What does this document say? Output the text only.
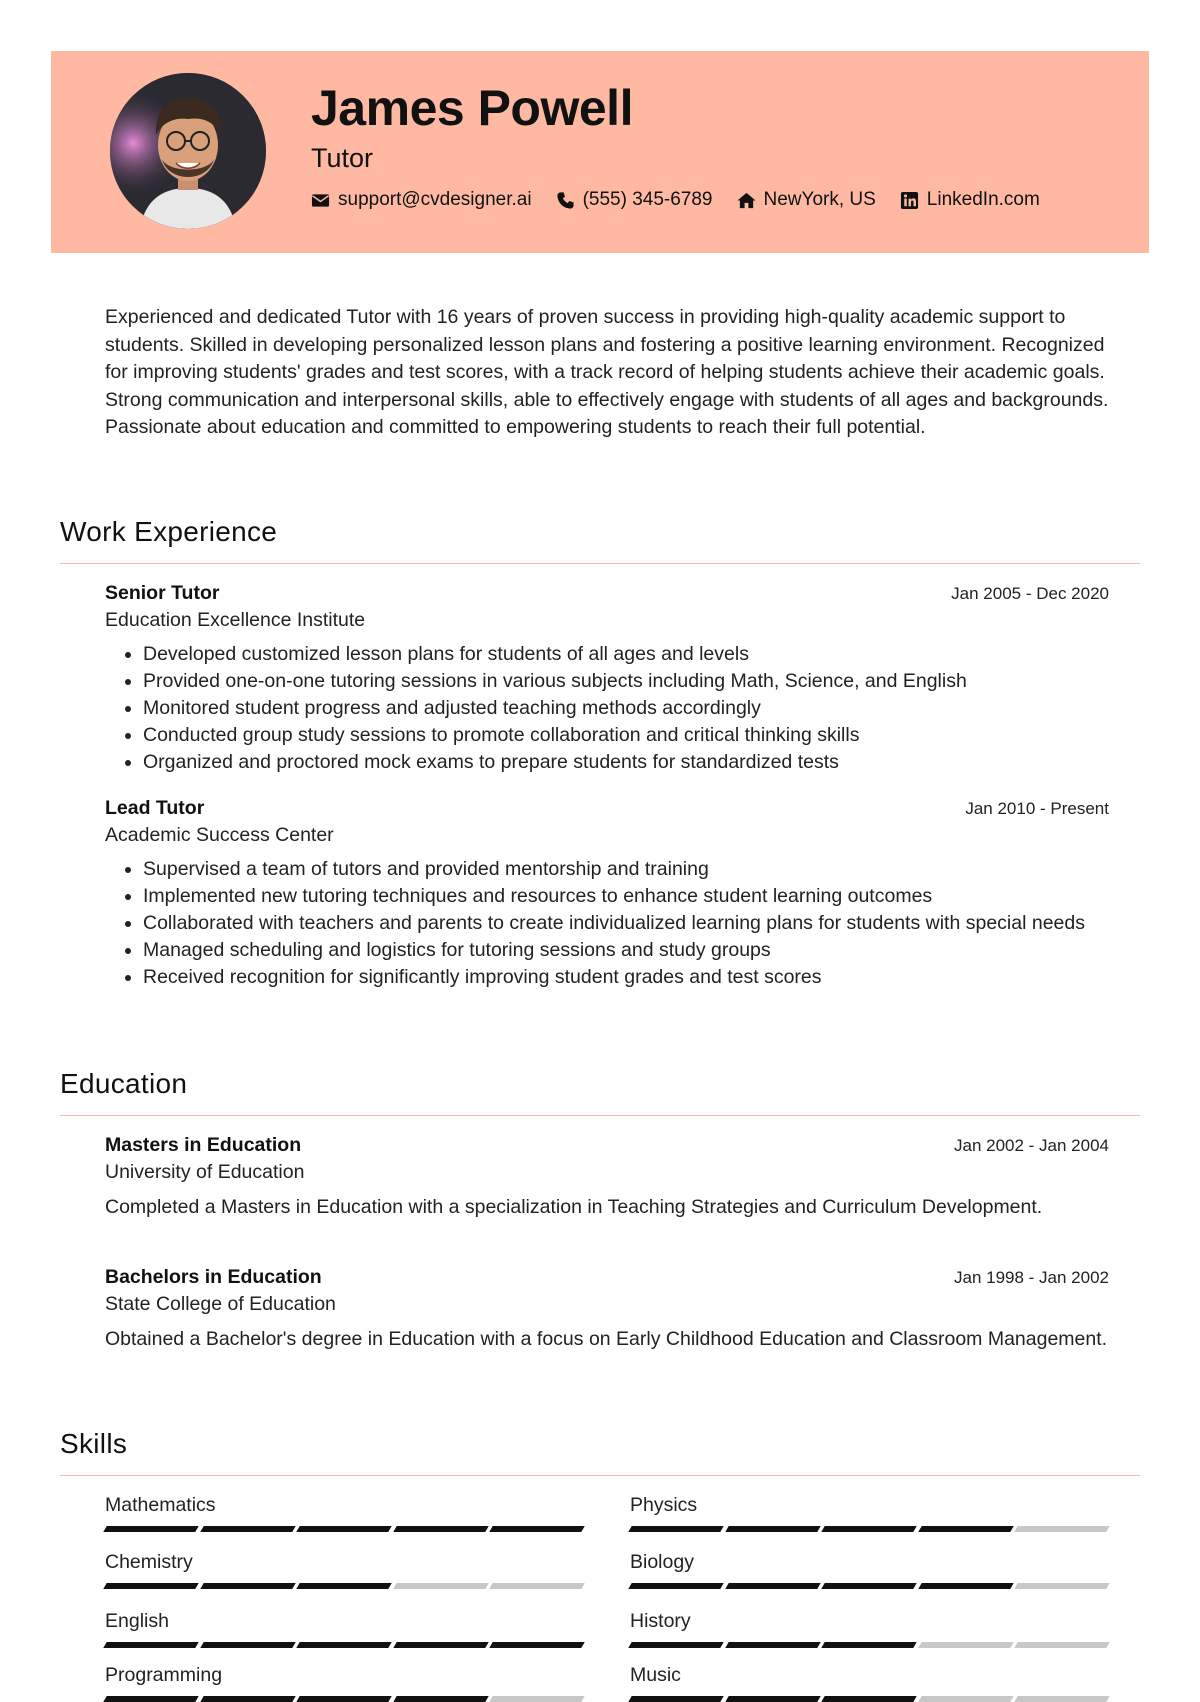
James Powell
Tutor
support@cvdesigner.ai	(555) 345-6789	NewYork, US	LinkedIn.com
Experienced and dedicated Tutor with 16 years of proven success in providing high-quality academic support to students. Skilled in developing personalized lesson plans and fostering a positive learning environment. Recognized for improving students' grades and test scores, with a track record of helping students achieve their academic goals. Strong communication and interpersonal skills, able to effectively engage with students of all ages and backgrounds. Passionate about education and committed to empowering students to reach their full potential.
Work Experience
Senior Tutor	Jan 2005 - Dec 2020
Education Excellence Institute
• Developed customized lesson plans for students of all ages and levels
• Provided one-on-one tutoring sessions in various subjects including Math, Science, and English
• Monitored student progress and adjusted teaching methods accordingly
• Conducted group study sessions to promote collaboration and critical thinking skills
• Organized and proctored mock exams to prepare students for standardized tests
Lead Tutor	Jan 2010 - Present
Academic Success Center
• Supervised a team of tutors and provided mentorship and training
• Implemented new tutoring techniques and resources to enhance student learning outcomes
• Collaborated with teachers and parents to create individualized learning plans for students with special needs
• Managed scheduling and logistics for tutoring sessions and study groups
• Received recognition for significantly improving student grades and test scores
Education
Masters in Education	Jan 2002 - Jan 2004
University of Education
Completed a Masters in Education with a specialization in Teaching Strategies and Curriculum Development.
Bachelors in Education	Jan 1998 - Jan 2002
State College of Education
Obtained a Bachelor's degree in Education with a focus on Early Childhood Education and Classroom Management.
Skills
Mathematics	Physics
Chemistry	Biology
English	History
Programming	Music
